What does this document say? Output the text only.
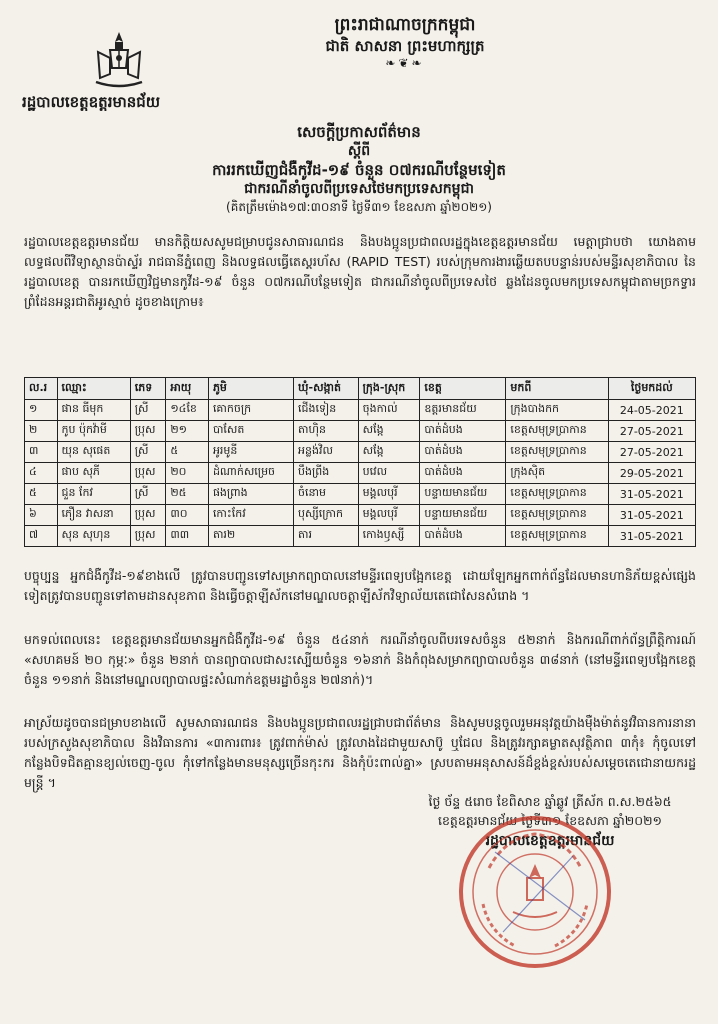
ព្រះរាជាណាចក្រកម្ពុជា
ជាតិ សាសនា ព្រះមហាក្សត្រ
❧❦❧
រដ្ឋបាលខេត្តឧត្ដរមានជ័យ
សេចក្ដីប្រកាសព័ត៌មាន
ស្ដីពី
ការរកឃើញជំងឺកូវីដ-១៩ ចំនួន ០៧ករណីបន្ថែមទៀត
ជាករណីនាំចូលពីប្រទេសថៃមកប្រទេសកម្ពុជា
(គិតត្រឹមម៉ោង១៧:៣០នាទី ថ្ងៃទី៣១ ខែឧសភា ឆ្នាំ២០២១)
រដ្ឋបាលខេត្តឧត្ដរមានជ័យ មានកិត្តិយសសូមជម្រាបជូនសាធារណជន និងបងប្អូនប្រជាពលរដ្ឋក្នុងខេត្តឧត្ដរមានជ័យ មេត្តាជ្រាបថា យោងតាមលទ្ធផលពីវិទ្យាស្ថានប៉ាស្ទ័រ រាជធានីភ្នំពេញ និងលទ្ធផលធ្វើតេស្តរហ័ស (RAPID TEST) របស់ក្រុមការងារឆ្លើយតបបន្ទាន់របស់មន្ទីរសុខាភិបាល នៃរដ្ឋបាលខេត្ត បានរកឃើញវិជ្ជមានកូវីដ-១៩ ចំនួន ០៧ករណីបន្ថែមទៀត ជាករណីនាំចូលពីប្រទេសថៃ ឆ្លងដែនចូលមកប្រទេសកម្ពុជាតាមច្រកទ្វារព្រំដែនអន្តរជាតិអូរស្មាច់ ដូចខាងក្រោម៖
ល.រ	ឈ្មោះ	ភេទ	អាយុ	ភូមិ	ឃុំ-សង្កាត់	ក្រុង-ស្រុក	ខេត្ត	មកពី	ថ្ងៃមកដល់
១	ផាន ធីមុក	ស្រី	១៤ខែ	គោកចក្រ	ជើងទៀន	ចុងកាល់	ឧត្ដរមានជ័យ	ក្រុងបាងកក	24-05-2021
២	កូប ប៉ុកវ៉ាមី	ប្រុស	២១	បាសែត	តាហ៊ិន	សង្កែ	បាត់ដំបង	ខេត្តសមុទ្រប្រាកាន	27-05-2021
៣	យុន សុផេត	ស្រី	៥	អូរមូនី	អន្លង់វិល	សង្កែ	បាត់ដំបង	ខេត្តសមុទ្រប្រាកាន	27-05-2021
៤	ផាប សុភី	ប្រុស	២០	ដំណាក់សម្រេច	បឹងព្រីង	បវេល	បាត់ដំបង	ក្រុងស៊ិត	29-05-2021
៥	ជួន កែវ	ស្រី	២៥	ផងព្រាង	ចំនោម	មង្គលបុរី	បន្ទាយមានជ័យ	ខេត្តសមុទ្រប្រាកាន	31-05-2021
៦	ភឿន វាសនា	ប្រុស	៣០	កោះកែវ	បុស្សីក្រោក	មង្គលបុរី	បន្ទាយមានជ័យ	ខេត្តសមុទ្រប្រាកាន	31-05-2021
៧	សុន សុហុន	ប្រុស	៣៣	តារ២	តារ	កោងឫស្សី	បាត់ដំបង	ខេត្តសមុទ្រប្រាកាន	31-05-2021
បច្ចុប្បន្ន អ្នកជំងឺកូវីដ-១៩ខាងលើ ត្រូវបានបញ្ជូនទៅសម្រាកព្យាបាលនៅមន្ទីរពេទ្យបង្អែកខេត្ត ដោយឡែកអ្នកពាក់ព័ន្ធដែលមានហានិភ័យខ្ពស់ផ្សេងទៀតត្រូវបានបញ្ជូនទៅតាមដានសុខភាព និងធ្វើចត្តាឡីស័កនៅមណ្ឌលចត្តាឡីស័កវិទ្យាល័យតេជោសែនសំរោង ។
មកទល់ពេលនេះ ខេត្តឧត្ដរមានជ័យមានអ្នកជំងឺកូវីដ-១៩ ចំនួន ៥៤នាក់ ករណីនាំចូលពីបរទេសចំនួន ៥២នាក់ និងករណីពាក់ព័ន្ធព្រឹត្តិការណ៍ «សហគមន៍ ២០ កុម្ភៈ» ចំនួន ២នាក់ បានព្យាបាលជាសះស្បើយចំនួន ១៦នាក់ និងកំពុងសម្រាកព្យាបាលចំនួន ៣៨នាក់ (នៅមន្ទីរពេទ្យបង្អែកខេត្តចំនួន ១១នាក់ និងនៅមណ្ឌលព្យាបាលផ្ទះសំណាក់ឧត្ដមរដ្ឋាចំនួន ២៧នាក់)។
អាស្រ័យដូចបានជម្រាបខាងលើ សូមសាធារណជន និងបងប្អូនប្រជាពលរដ្ឋជ្រាបជាព័ត៌មាន និងសូមបន្តចូលរួមអនុវត្តយ៉ាងម៉ឺងម៉ាត់នូវវិធានការនានារបស់ក្រសួងសុខាភិបាល និងវិធានការ «៣ការពារ៖ ត្រូវពាក់ម៉ាស់ ត្រូវលាងដៃជាមួយសាប៊ូ ឬជែល និងត្រូវរក្សាគម្លាតសុវត្ថិភាព ៣កុំ៖ កុំចូលទៅកន្លែងបិទជិតគ្មានខ្យល់ចេញ-ចូល កុំទៅកន្លែងមានមនុស្សច្រើនកុះករ និងកុំប៉ះពាល់គ្នា» ស្របតាមអនុសាសន៍ដ៏ខ្ពង់ខ្ពស់របស់សម្ដេចតេជោនាយករដ្ឋមន្ត្រី ។
ថ្ងៃ ច័ន្ទ ៥រោច ខែពិសាខ ឆ្នាំឆ្លូវ ត្រីស័ក ព.ស.២៥៦៥
ខេត្តឧត្ដរមានជ័យ ថ្ងៃទី៣១ ខែឧសភា ឆ្នាំ២០២១
រដ្ឋបាលខេត្តឧត្ដរមានជ័យ
